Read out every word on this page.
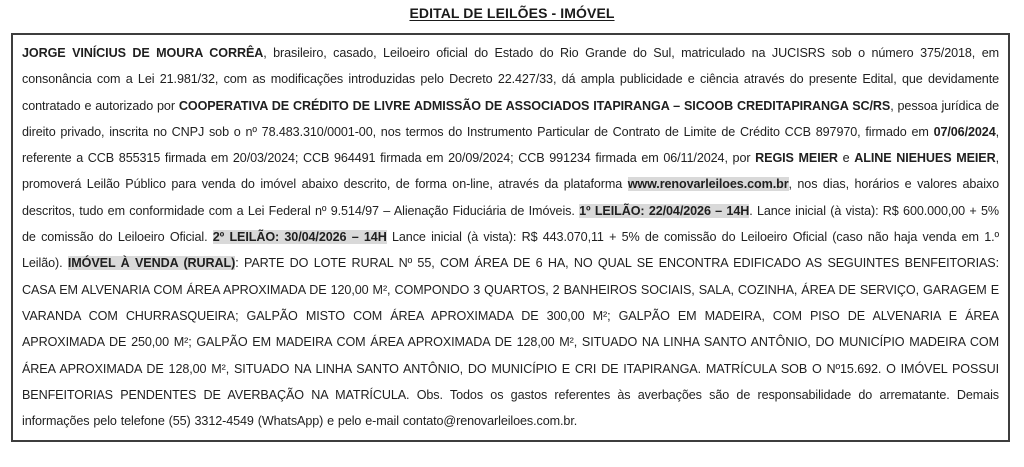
EDITAL DE LEILÕES - IMÓVEL
JORGE VINÍCIUS DE MOURA CORRÊA, brasileiro, casado, Leiloeiro oficial do Estado do Rio Grande do Sul, matriculado na JUCISRS sob o número 375/2018, em consonância com a Lei 21.981/32, com as modificações introduzidas pelo Decreto 22.427/33, dá ampla publicidade e ciência através do presente Edital, que devidamente contratado e autorizado por COOPERATIVA DE CRÉDITO DE LIVRE ADMISSÃO DE ASSOCIADOS ITAPIRANGA – SICOOB CREDITAPIRANGA SC/RS, pessoa jurídica de direito privado, inscrita no CNPJ sob o nº 78.483.310/0001-00, nos termos do Instrumento Particular de Contrato de Limite de Crédito CCB 897970, firmado em 07/06/2024, referente a CCB 855315 firmada em 20/03/2024; CCB 964491 firmada em 20/09/2024; CCB 991234 firmada em 06/11/2024, por REGIS MEIER e ALINE NIEHUES MEIER, promoverá Leilão Público para venda do imóvel abaixo descrito, de forma on-line, através da plataforma www.renovarleiloes.com.br, nos dias, horários e valores abaixo descritos, tudo em conformidade com a Lei Federal nº 9.514/97 – Alienação Fiduciária de Imóveis. 1º LEILÃO: 22/04/2026 – 14H. Lance inicial (à vista): R$ 600.000,00 + 5% de comissão do Leiloeiro Oficial. 2º LEILÃO: 30/04/2026 – 14H Lance inicial (à vista): R$ 443.070,11 + 5% de comissão do Leiloeiro Oficial (caso não haja venda em 1.º Leilão). IMÓVEL À VENDA (RURAL): PARTE DO LOTE RURAL Nº 55, COM ÁREA DE 6 HA, NO QUAL SE ENCONTRA EDIFICADO AS SEGUINTES BENFEITORIAS: CASA EM ALVENARIA COM ÁREA APROXIMADA DE 120,00 M², COMPONDO 3 QUARTOS, 2 BANHEIROS SOCIAIS, SALA, COZINHA, ÁREA DE SERVIÇO, GARAGEM E VARANDA COM CHURRASQUEIRA; GALPÃO MISTO COM ÁREA APROXIMADA DE 300,00 M²; GALPÃO EM MADEIRA, COM PISO DE ALVENARIA E ÁREA APROXIMADA DE 250,00 M²; GALPÃO EM MADEIRA COM ÁREA APROXIMADA DE 128,00 M², SITUADO NA LINHA SANTO ANTÔNIO, DO MUNICÍPIO MADEIRA COM ÁREA APROXIMADA DE 128,00 M², SITUADO NA LINHA SANTO ANTÔNIO, DO MUNICÍPIO E CRI DE ITAPIRANGA. MATRÍCULA SOB O Nº15.692. O IMÓVEL POSSUI BENFEITORIAS PENDENTES DE AVERBAÇÃO NA MATRÍCULA. Obs. Todos os gastos referentes às averbações são de responsabilidade do arrematante. Demais informações pelo telefone (55) 3312-4549 (WhatsApp) e pelo e-mail contato@renovarleiloes.com.br.
